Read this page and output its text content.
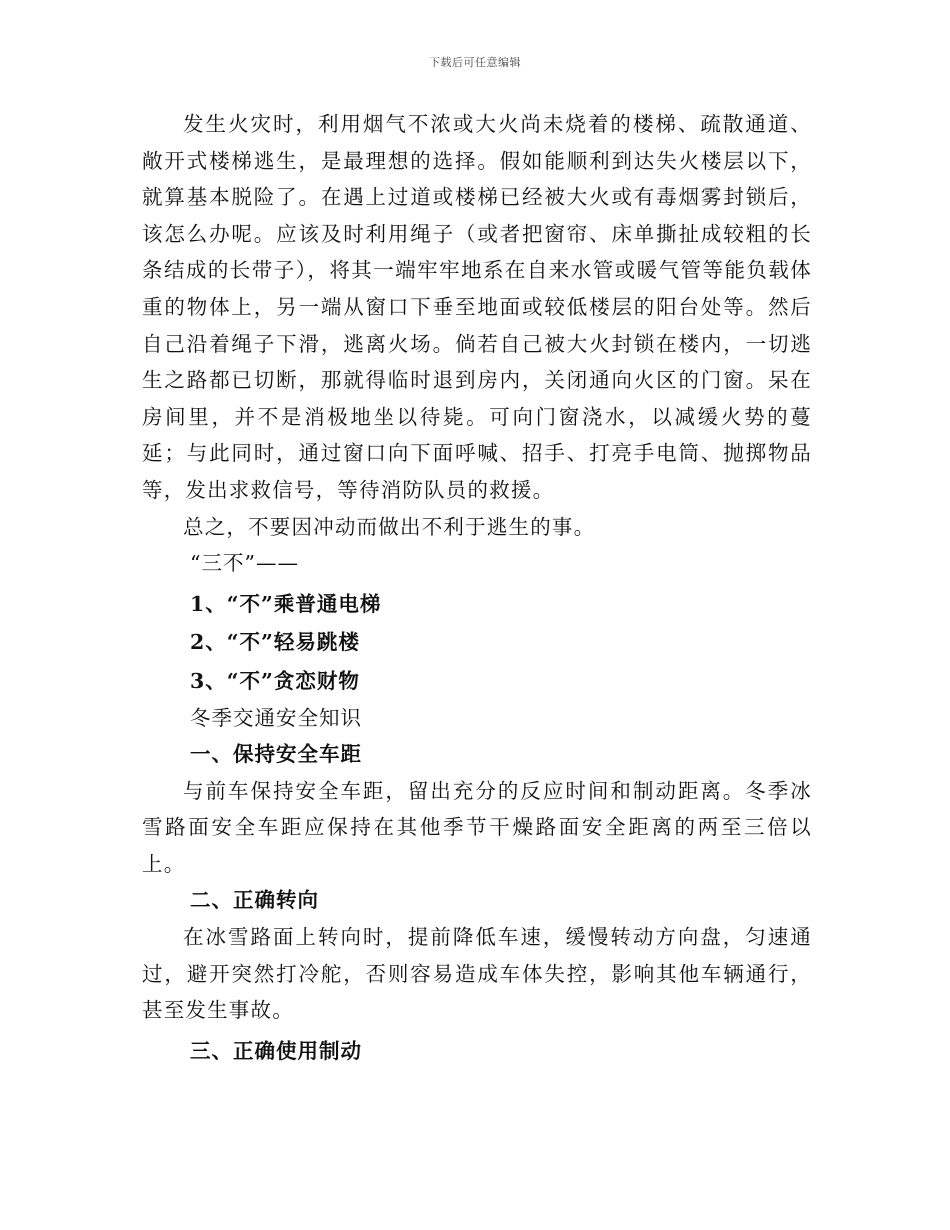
下载后可任意编辑

发生火灾时，利用烟气不浓或大火尚未烧着的楼梯、疏散通道、敞开式楼梯逃生，是最理想的选择。假如能顺利到达失火楼层以下，就算基本脱险了。在遇上过道或楼梯已经被大火或有毒烟雾封锁后，该怎么办呢。应该及时利用绳子（或者把窗帘、床单撕扯成较粗的长条结成的长带子），将其一端牢牢地系在自来水管或暖气管等能负载体重的物体上，另一端从窗口下垂至地面或较低楼层的阳台处等。然后自己沿着绳子下滑，逃离火场。倘若自己被大火封锁在楼内，一切逃生之路都已切断，那就得临时退到房内，关闭通向火区的门窗。呆在房间里，并不是消极地坐以待毙。可向门窗浇水，以减缓火势的蔓延；与此同时，通过窗口向下面呼喊、招手、打亮手电筒、抛掷物品等，发出求救信号，等待消防队员的救援。

总之，不要因冲动而做出不利于逃生的事。

“三不”——

1、“不”乘普通电梯

2、“不”轻易跳楼

3、“不”贪恋财物

冬季交通安全知识

一、保持安全车距

与前车保持安全车距，留出充分的反应时间和制动距离。冬季冰雪路面安全车距应保持在其他季节干燥路面安全距离的两至三倍以上。

二、正确转向

在冰雪路面上转向时，提前降低车速，缓慢转动方向盘，匀速通过，避开突然打冷舵，否则容易造成车体失控，影响其他车辆通行，甚至发生事故。

三、正确使用制动
